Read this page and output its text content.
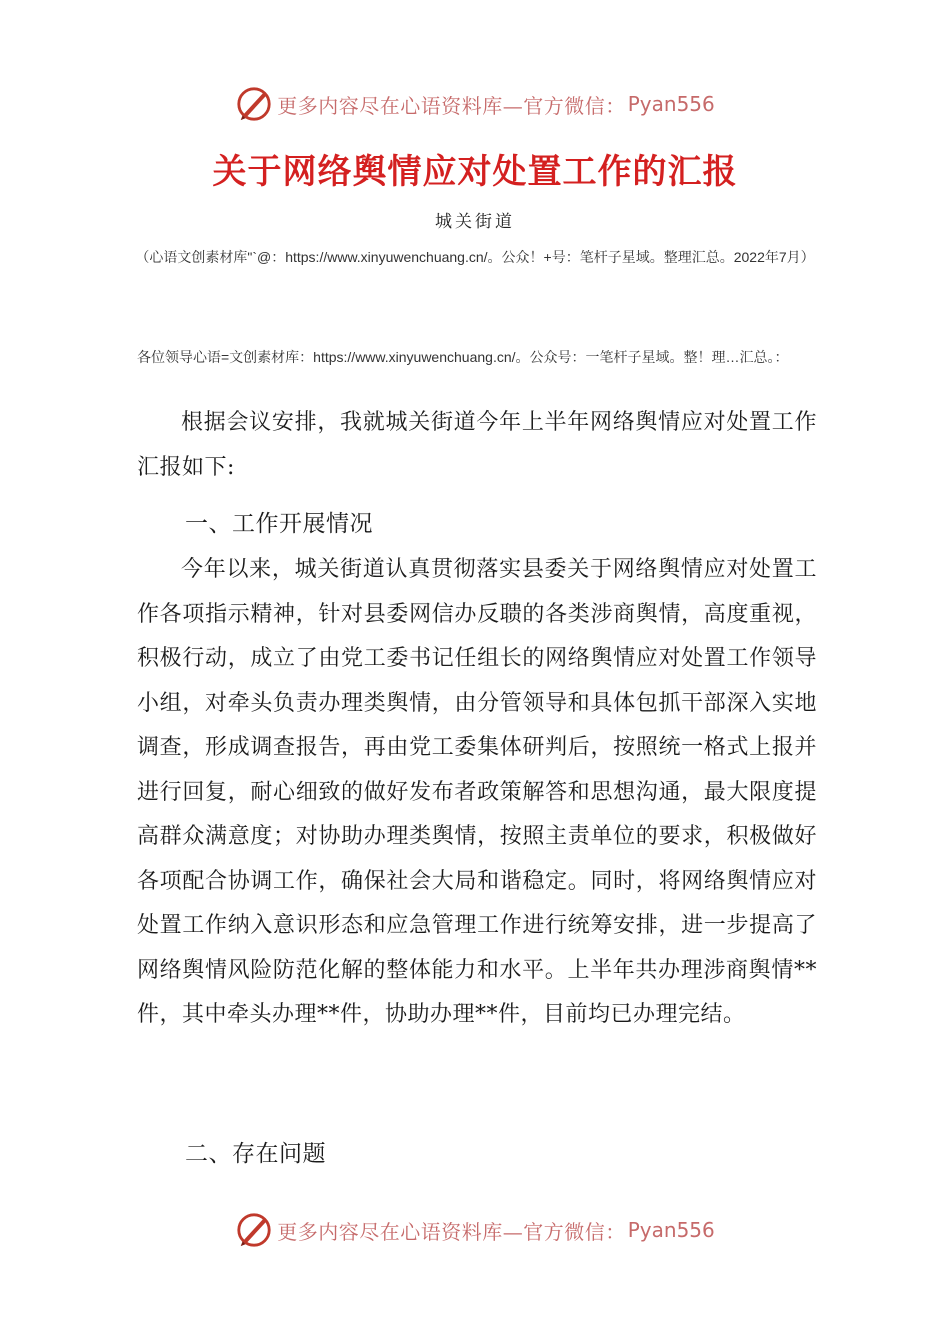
更多内容尽在心语资料库—官方微信： Pyan556
关于网络舆情应对处置工作的汇报
城关街道
（心语文创素材库"`@：https://www.xinyuwenchuang.cn/。公众！+号：笔杆子星域。整理汇总。2022年7月）
各位领导心语=文创素材库：https://www.xinyuwenchuang.cn/。公众号：一笔杆子星域。整！理…汇总。：
根据会议安排，我就城关街道今年上半年网络舆情应对处置工作汇报如下:
一、工作开展情况
今年以来，城关街道认真贯彻落实县委关于网络舆情应对处置工作各项指示精神，针对县委网信办反聩的各类涉商舆情，高度重视，积极行动，成立了由党工委书记任组长的网络舆情应对处置工作领导小组，对牵头负责办理类舆情，由分管领导和具体包抓干部深入实地调查，形成调查报告，再由党工委集体研判后，按照统一格式上报并进行回复，耐心细致的做好发布者政策解答和思想沟通，最大限度提高群众满意度；对协助办理类舆情，按照主责单位的要求，积极做好各项配合协调工作，确保社会大局和谐稳定。同时，将网络舆情应对处置工作纳入意识形态和应急管理工作进行统筹安排，进一步提高了网络舆情风险防范化解的整体能力和水平。上半年共办理涉商舆情**件，其中牵头办理**件，协助办理**件，目前均已办理完结。
二、存在问题
更多内容尽在心语资料库—官方微信： Pyan556
